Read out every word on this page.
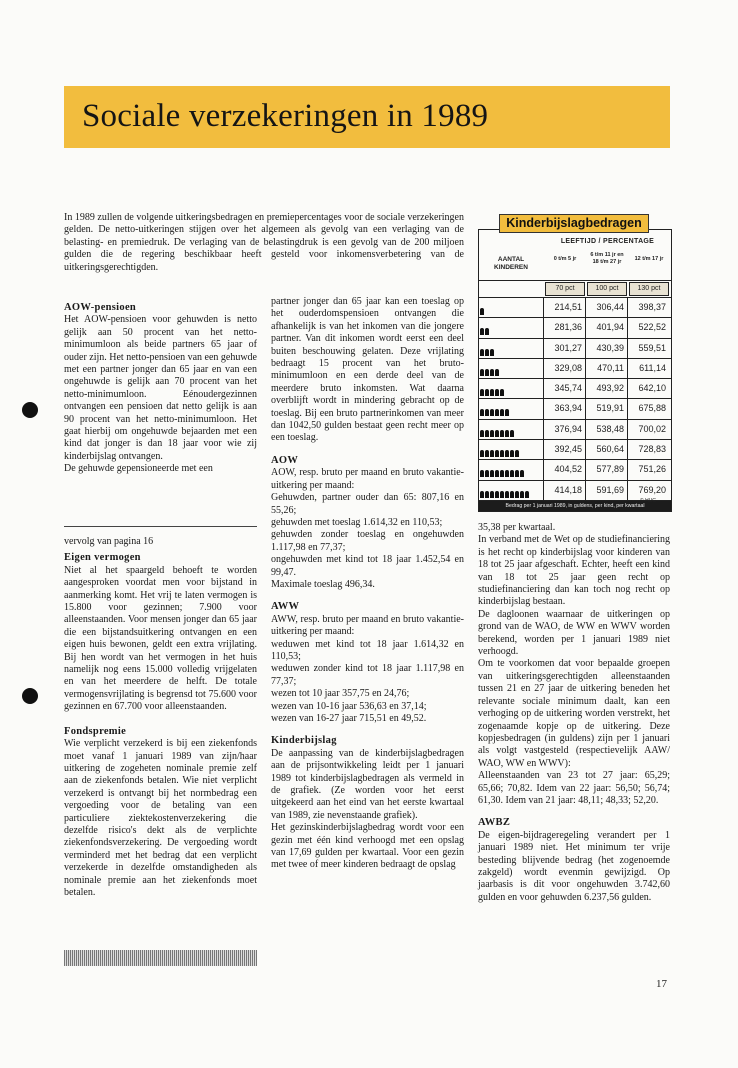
Sociale verzekeringen in 1989

In 1989 zullen de volgende uitkeringsbedragen en premiepercentages voor de sociale verzekeringen gelden. De netto-uitkeringen stijgen over het algemeen als gevolg van een verlaging van de belasting- en premiedruk. De verlaging van de belastingdruk is een gevolg van de 200 miljoen gulden die de regering beschikbaar heeft gesteld voor inkomensverbetering van de uitkeringsgerechtigden.

AOW-pensioen

Het AOW-pensioen voor gehuwden is netto gelijk aan 50 procent van het netto-minimumloon als beide partners 65 jaar of ouder zijn. Het netto-pensioen van een gehuwde met een partner jonger dan 65 jaar en van een ongehuwde is gelijk aan 70 procent van het netto-minimumloon. Eénoudergezinnen ontvangen een pensioen dat netto gelijk is aan 90 procent van het netto-minimumloon. Het gaat hierbij om ongehuwde bejaarden met een kind dat jonger is dan 18 jaar voor wie zij kinderbijslag ontvangen.

De gehuwde gepensioneerde met een

vervolg van pagina 16

Eigen vermogen

Niet al het spaargeld behoeft te worden aangesproken voordat men voor bijstand in aanmerking komt. Het vrij te laten vermogen is 15.800 voor gezinnen; 7.900 voor alleenstaanden. Voor mensen jonger dan 65 jaar die een bijstandsuitkering ontvangen en een eigen huis bewonen, geldt een extra vrijlating. Bij hen wordt van het vermogen in het huis namelijk nog eens 15.000 volledig vrijgelaten en van het meerdere de helft. De totale vermogensvrijlating is begrensd tot 75.600 voor gezinnen en 67.700 voor alleenstaanden.

Fondspremie

Wie verplicht verzekerd is bij een ziekenfonds moet vanaf 1 januari 1989 van zijn/haar uitkering de zogeheten nominale premie zelf aan de ziekenfonds betalen. Wie niet verplicht verzekerd is ontvangt bij het normbedrag een vergoeding voor de betaling van een particuliere ziektekostenverzekering die dezelfde risico's dekt als de verplichte ziekenfondsverzekering. De vergoeding wordt verminderd met het bedrag dat een verplicht verzekerde in dezelfde omstandigheden als nominale premie aan het ziekenfonds moet betalen.

partner jonger dan 65 jaar kan een toeslag op het ouderdomspensioen ontvangen die afhankelijk is van het inkomen van die jongere partner. Van dit inkomen wordt eerst een deel buiten beschouwing gelaten. Deze vrijlating bedraagt 15 procent van het bruto-minimumloon en een derde deel van de meerdere bruto inkomsten. Wat daarna overblijft wordt in mindering gebracht op de toeslag. Bij een bruto partnerinkomen van meer dan 1042,50 gulden bestaat geen recht meer op een toeslag.

AOW

AOW, resp. bruto per maand en bruto vakantie-uitkering per maand:

Gehuwden, partner ouder dan 65: 807,16 en 55,26;

gehuwden met toeslag 1.614,32 en 110,53;

gehuwden zonder toeslag en ongehuwden 1.117,98 en 77,37;

ongehuwden met kind tot 18 jaar 1.452,54 en 99,47.

Maximale toeslag 496,34.

AWW

AWW, resp. bruto per maand en bruto vakantie-uitkering per maand:

weduwen met kind tot 18 jaar 1.614,32 en 110,53;

weduwen zonder kind tot 18 jaar 1.117,98 en 77,37;

wezen tot 10 jaar 357,75 en 24,76;

wezen van 10-16 jaar 536,63 en 37,14;

wezen van 16-27 jaar 715,51 en 49,52.

Kinderbijslag

De aanpassing van de kinderbijslagbedragen aan de prijsontwikkeling leidt per 1 januari 1989 tot kinderbijslagbedragen als vermeld in de grafiek. (Ze worden voor het eerst uitgekeerd aan het eind van het eerste kwartaal van 1989, zie nevenstaande grafiek).

Het gezinskinderbijslagbedrag wordt voor een gezin met één kind verhoogd met een opslag van 17,69 gulden per kwartaal. Voor een gezin met twee of meer kinderen bedraagt de opslag

35,38 per kwartaal.

In verband met de Wet op de studiefinanciering is het recht op kinderbijslag voor kinderen van 18 tot 25 jaar afgeschaft. Echter, heeft een kind van 18 tot 25 jaar geen recht op studiefinanciering dan kan toch nog recht op kinderbijslag bestaan.

De dagloonen waarnaar de uitkeringen op grond van de WAO, de WW en WWV worden berekend, worden per 1 januari 1989 niet verhoogd.

Om te voorkomen dat voor bepaalde groepen van uitkeringsgerechtigden alleenstaanden tussen 21 en 27 jaar de uitkering beneden het relevante sociale minimum daalt, kan een verhoging op de uitkering worden verstrekt, het zogenaamde kopje op de uitkering. Deze kopjesbedragen (in guldens) zijn per 1 januari als volgt vastgesteld (respectievelijk AAW/ WAO, WW en WWV):

Alleenstaanden van 23 tot 27 jaar: 65,29; 65,66; 70,82. Idem van 22 jaar: 56,50; 56,74; 61,30. Idem van 21 jaar: 48,11; 48,33; 52,20.

AWBZ

De eigen-bijdrageregeling verandert per 1 januari 1989 niet. Het minimum ter vrije besteding blijvende bedrag (het zogenoemde zakgeld) wordt evenmin gewijzigd. Op jaarbasis is dit voor ongehuwden 3.742,60 gulden en voor gehuwden 6.237,56 gulden.

LEEFTIJD / PERCENTAGE
AANTAL KINDEREN
0 t/m 5 jr
6 t/m 11 jr en 18 t/m 27 jr	12 t/m 17 jr
70 pct	100 pct	130 pct
214,51	306,44	398,37
281,36	401,94	522,52
301,27	430,39	559,51
329,08	470,11	611,14
345,74	493,92	642,10
363,94	519,91	675,88
376,94	538,48	700,02
392,45	560,64	728,83
404,52	577,89	751,26
414,18	591,69	769,20
Bedrag per 1 januari 1989, in guldens, per kind, per kwartaal
Kinderbijslagbedragen
© HUG
17
